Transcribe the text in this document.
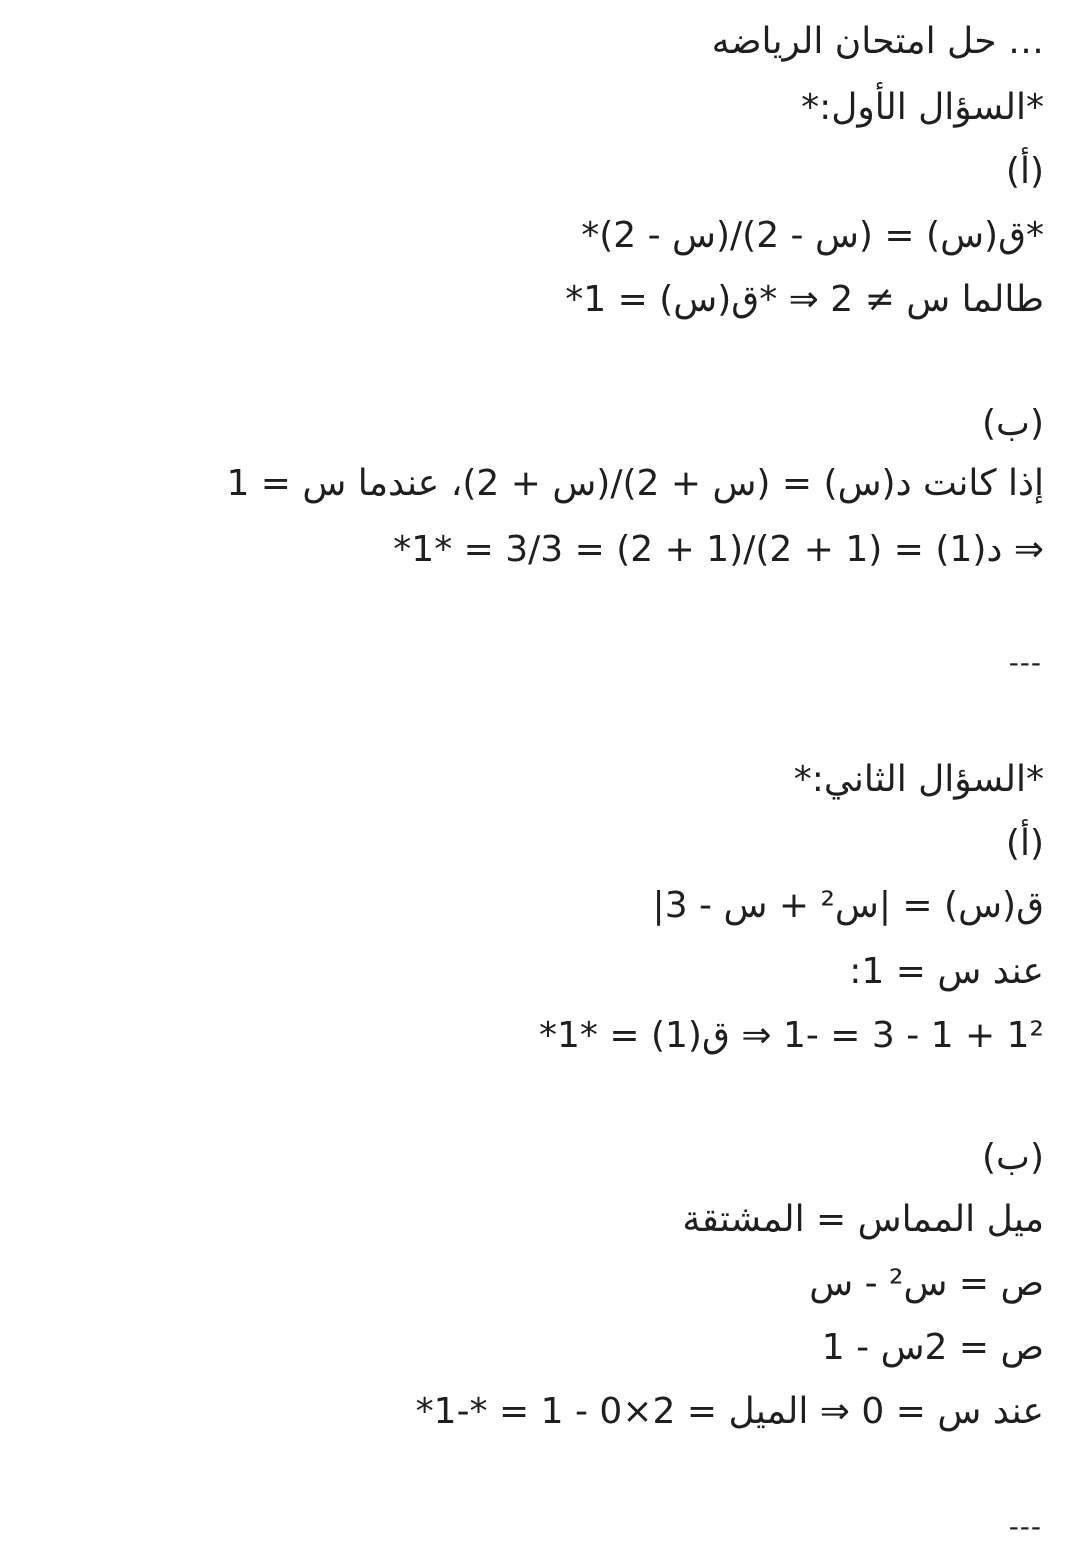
… حل امتحان الرياضه
*السؤال الأول:*
(أ)
*ق(س) = (س - 2)/(س - 2)*
طالما س ≠ 2 ⇒ *ق(س) = 1*
(ب)
إذا كانت د(س) = (س + 2)/(س + 2)، عندما س = 1
⇒ د(1) = (1 + 2)/(1 + 2) = 3/3 = *1*
---
*السؤال الثاني:*
(أ)
ق(س) = |س² + س - 3|
عند س = 1:
1² + 1 - 3 = -1 ⇒ ق(1) = *1*
(ب)
ميل المماس = المشتقة
ص = س² - س
ص = 2س - 1
عند س = 0 ⇒ الميل = 2×0 - 1 = *-1*
---
